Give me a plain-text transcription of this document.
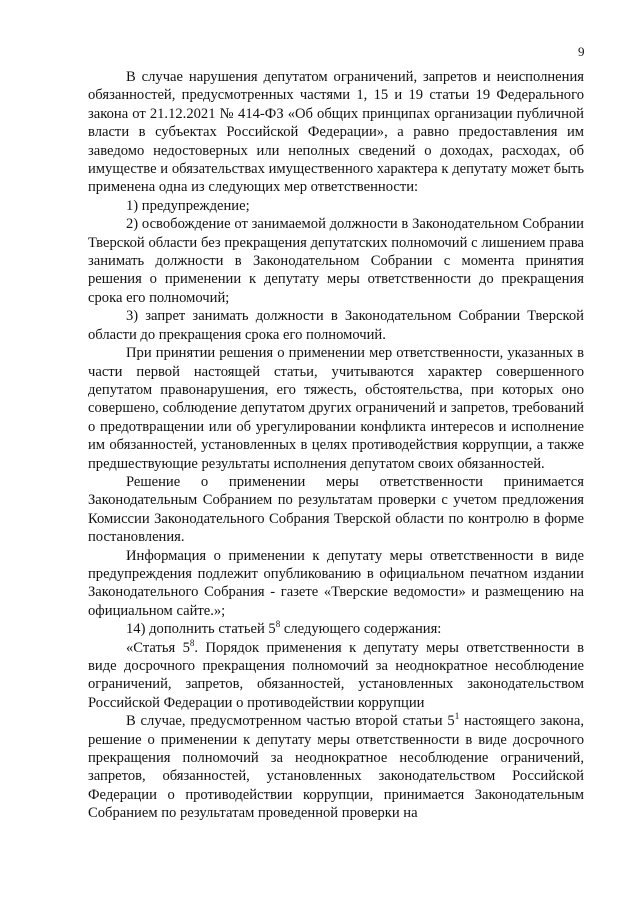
9

В случае нарушения депутатом ограничений, запретов и неисполнения обязанностей, предусмотренных частями 1, 15 и 19 статьи 19 Федерального закона от 21.12.2021 № 414-ФЗ «Об общих принципах организации публичной власти в субъектах Российской Федерации», а равно предоставления им заведомо недостоверных или неполных сведений о доходах, расходах, об имуществе и обязательствах имущественного характера к депутату может быть применена одна из следующих мер ответственности:

1) предупреждение;

2) освобождение от занимаемой должности в Законодательном Собрании Тверской области без прекращения депутатских полномочий с лишением права занимать должности в Законодательном Собрании с момента принятия решения о применении к депутату меры ответственности до прекращения срока его полномочий;

3) запрет занимать должности в Законодательном Собрании Тверской области до прекращения срока его полномочий.

При принятии решения о применении мер ответственности, указанных в части первой настоящей статьи, учитываются характер совершенного депутатом правонарушения, его тяжесть, обстоятельства, при которых оно совершено, соблюдение депутатом других ограничений и запретов, требований о предотвращении или об урегулировании конфликта интересов и исполнение им обязанностей, установленных в целях противодействия коррупции, а также предшествующие результаты исполнения депутатом своих обязанностей.

Решение о применении меры ответственности принимается Законодательным Собранием по результатам проверки с учетом предложения Комиссии Законодательного Собрания Тверской области по контролю в форме постановления.

Информация о применении к депутату меры ответственности в виде предупреждения подлежит опубликованию в официальном печатном издании Законодательного Собрания - газете «Тверские ведомости» и размещению на официальном сайте.»;

14) дополнить статьей $5^8$ следующего содержания:

«Статья $5^8$. Порядок применения к депутату меры ответственности в виде досрочного прекращения полномочий за неоднократное несоблюдение ограничений, запретов, обязанностей, установленных законодательством Российской Федерации о противодействии коррупции

В случае, предусмотренном частью второй статьи $5^1$ настоящего закона, решение о применении к депутату меры ответственности в виде досрочного прекращения полномочий за неоднократное несоблюдение ограничений, запретов, обязанностей, установленных законодательством Российской Федерации о противодействии коррупции, принимается Законодательным Собранием по результатам проведенной проверки на
